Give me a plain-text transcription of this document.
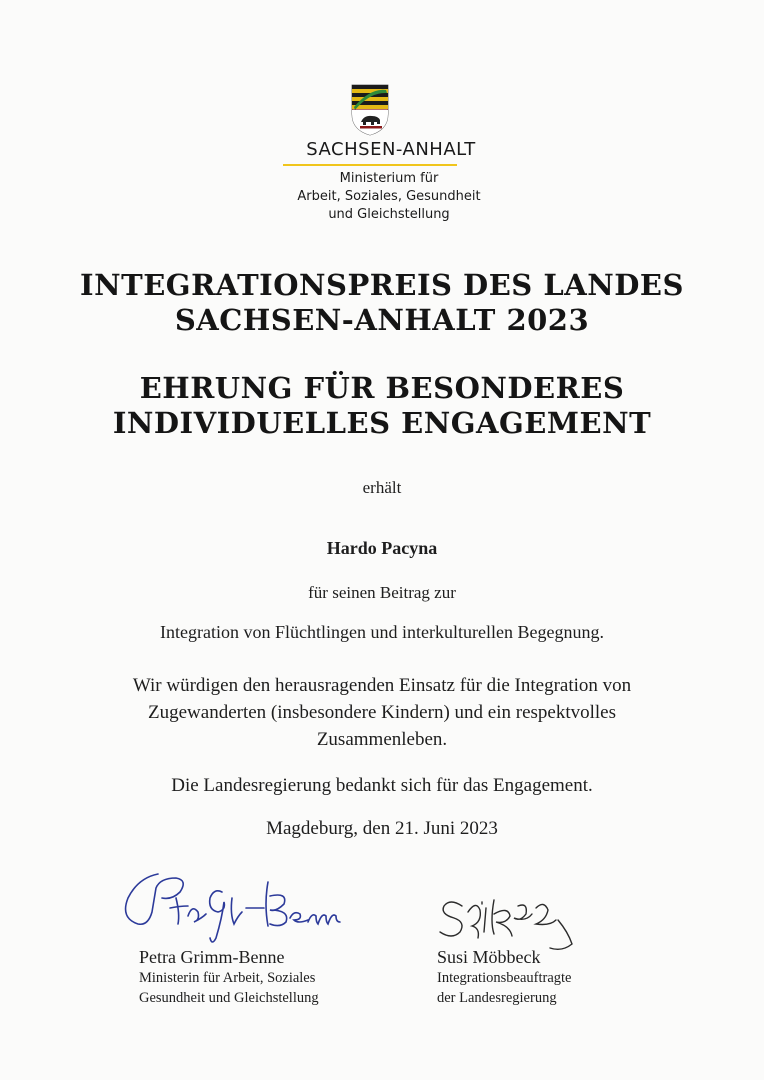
SACHSEN-ANHALT
Ministerium für
Arbeit, Soziales, Gesundheit
und Gleichstellung
INTEGRATIONSPREIS DES LANDES
SACHSEN-ANHALT 2023
EHRUNG FÜR BESONDERES
INDIVIDUELLES ENGAGEMENT
erhält
Hardo Pacyna
für seinen Beitrag zur
Integration von Flüchtlingen und interkulturellen Begegnung.
Wir würdigen den herausragenden Einsatz für die Integration von
Zugewanderten (insbesondere Kindern) und ein respektvolles
Zusammenleben.
Die Landesregierung bedankt sich für das Engagement.
Magdeburg, den 21. Juni 2023
Petra Grimm-Benne
Ministerin für Arbeit, Soziales
Gesundheit und Gleichstellung
Susi Möbbeck
Integrationsbeauftragte
der Landesregierung
